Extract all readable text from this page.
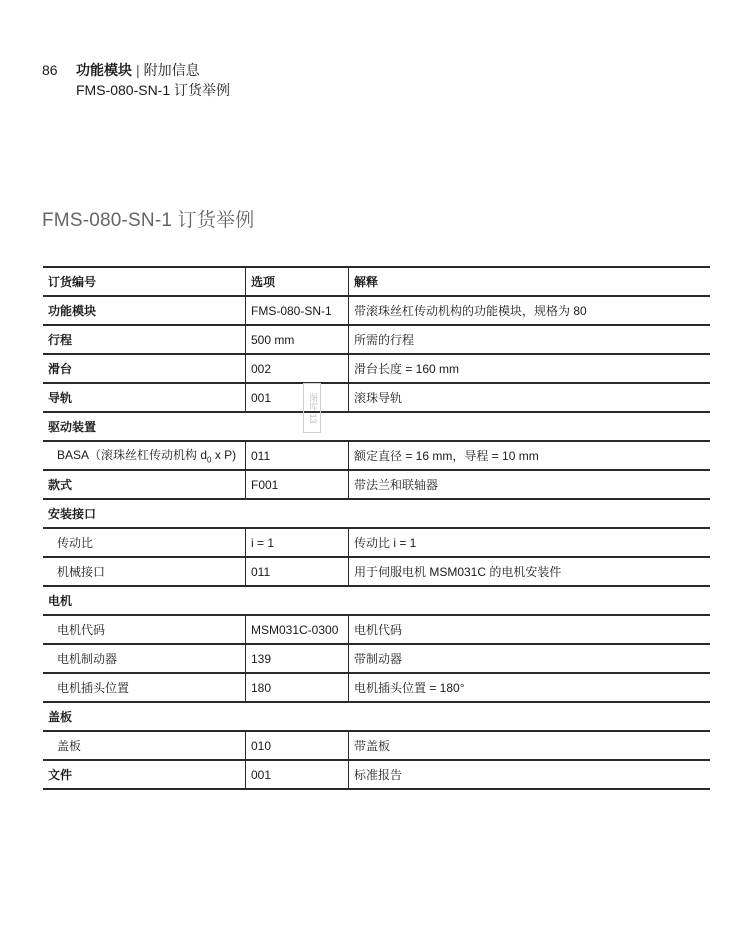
86	功能模块 | 附加信息
FMS-080-SN-1 订货举例
FMS-080-SN-1 订货举例
订货编号	选项	解释
功能模块	FMS-080-SN-1	带滚珠丝杠传动机构的功能模块，规格为 80
行程	500 mm	所需的行程
滑台	002	滑台长度 = 160 mm
导轨	001	滚珠导轨
驱动装置		
BASA（滚珠丝杠传动机构 $d_0$ x P)	011	额定直径 = 16 mm，导程 = 10 mm
款式	F001	带法兰和联轴器
安装接口		
传动比	i = 1	传动比 i = 1
机械接口	011	用于伺服电机 MSM031C 的电机安装件
电机		
电机代码	MSM031C-0300	电机代码
电机制动器	139	带制动器
电机插头位置	180	电机插头位置 = 180°
盖板		
盖板	010	带盖板
文件	001	标准报告
图库 13
